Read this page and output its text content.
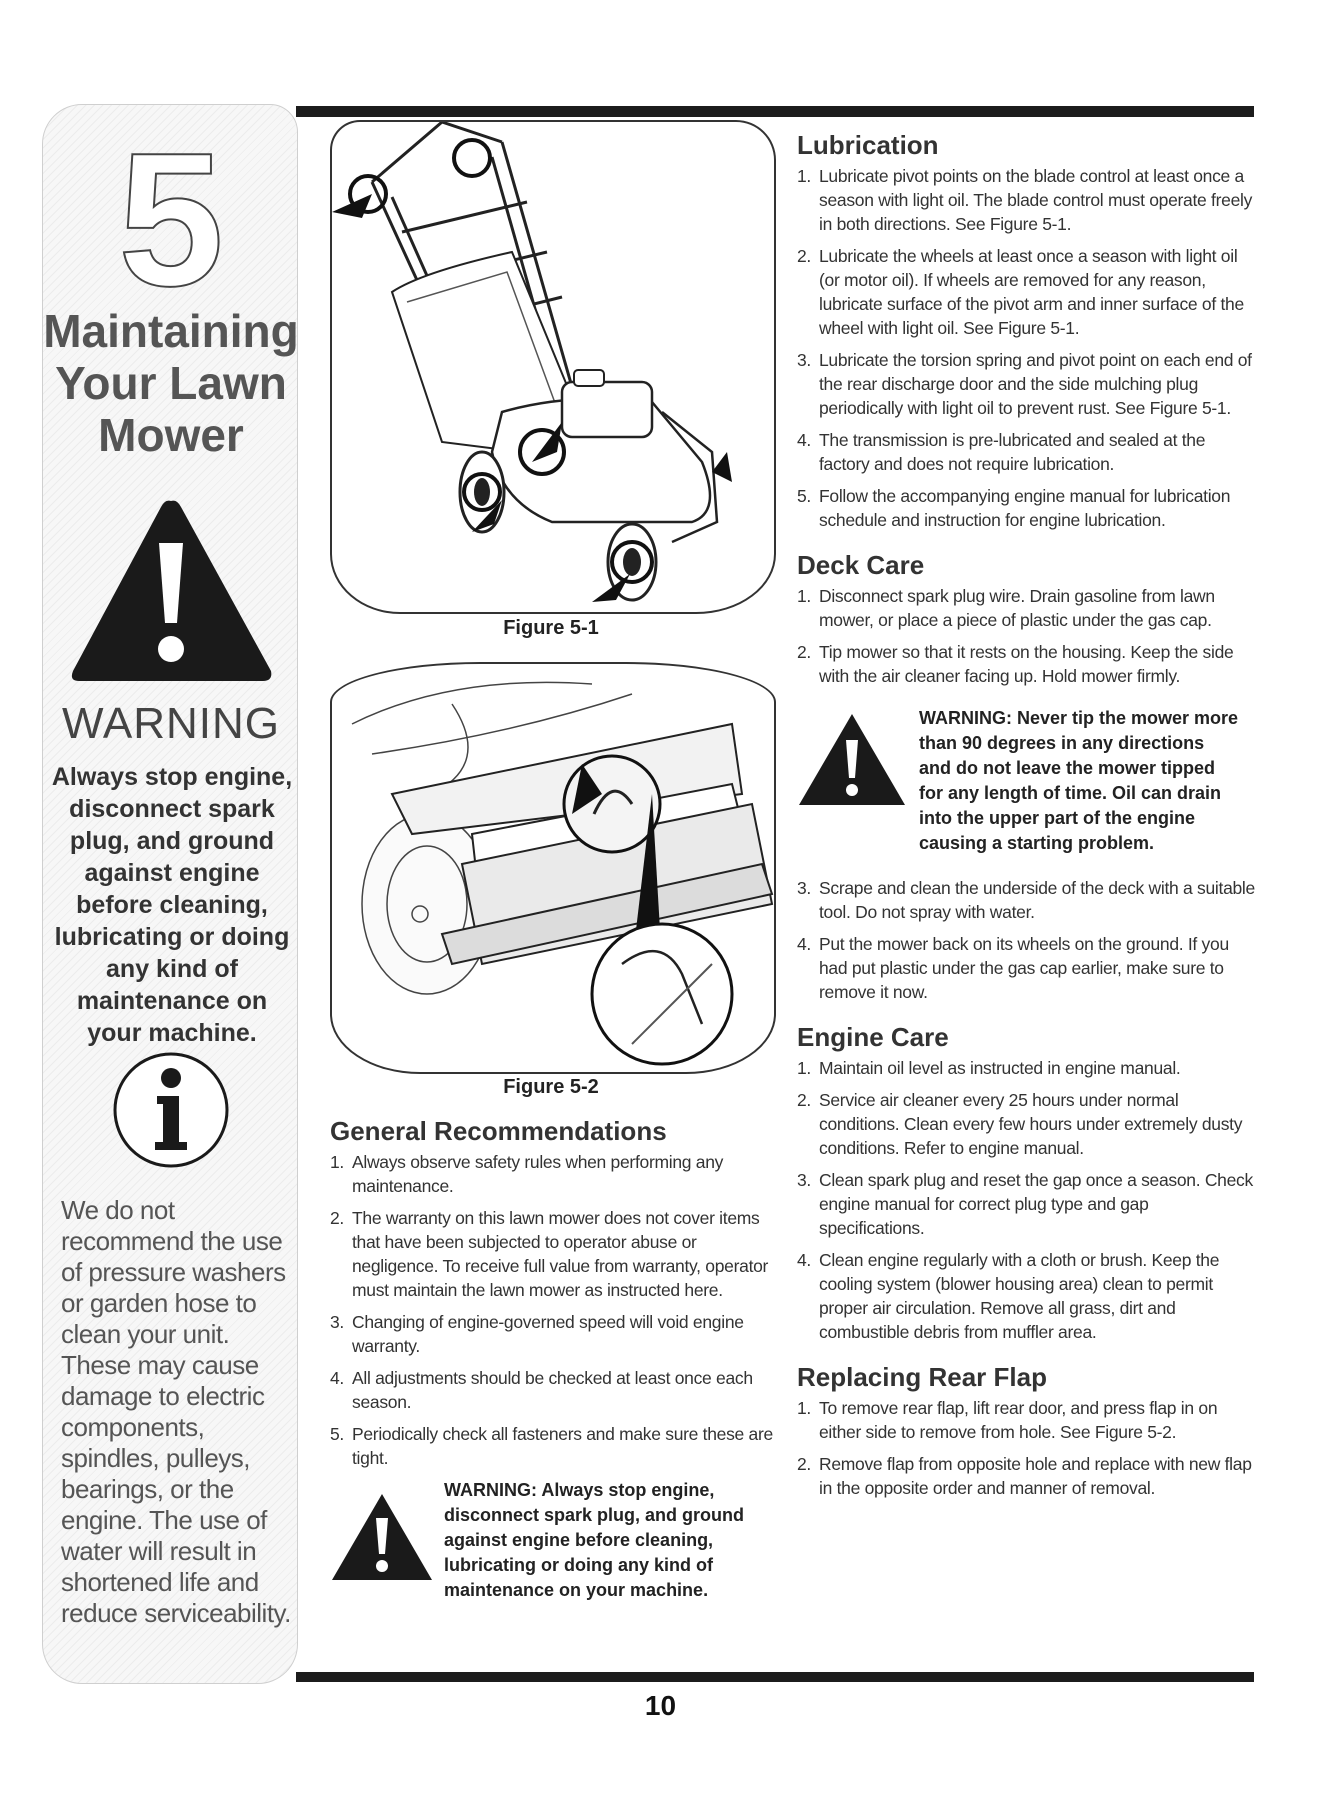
5
Maintaining
Your Lawn
Mower
WARNING
Always stop engine, disconnect spark plug, and ground against engine before cleaning, lubricating or doing any kind of maintenance on your machine.
We do not recommend the use of pressure washers or garden hose to clean your unit. These may cause damage to electric components, spindles, pulleys, bearings, or the engine. The use of water will result in shortened life and reduce serviceability.
Figure 5-1
Figure 5-2
General Recommendations
1. Always observe safety rules when performing any maintenance.
2. The warranty on this lawn mower does not cover items that have been subjected to operator abuse or negligence. To receive full value from warranty, operator must maintain the lawn mower as instructed here.
3. Changing of engine-governed speed will void engine warranty.
4. All adjustments should be checked at least once each season.
5. Periodically check all fasteners and make sure these are tight.
WARNING: Always stop engine, disconnect spark plug, and ground against engine before cleaning, lubricating or doing any kind of maintenance on your machine.
Lubrication
1. Lubricate pivot points on the blade control at least once a season with light oil. The blade control must operate freely in both directions. See Figure 5-1.
2. Lubricate the wheels at least once a season with light oil (or motor oil). If wheels are removed for any reason, lubricate surface of the pivot arm and inner surface of the wheel with light oil. See Figure 5-1.
3. Lubricate the torsion spring and pivot point on each end of the rear discharge door and the side mulching plug periodically with light oil to prevent rust. See Figure 5-1.
4. The transmission is pre-lubricated and sealed at the factory and does not require lubrication.
5. Follow the accompanying engine manual for lubrication schedule and instruction for engine lubrication.
Deck Care
1. Disconnect spark plug wire. Drain gasoline from lawn mower, or place a piece of plastic under the gas cap.
2. Tip mower so that it rests on the housing. Keep the side with the air cleaner facing up. Hold mower firmly.
WARNING: Never tip the mower more than 90 degrees in any directions and do not leave the mower tipped for any length of time. Oil can drain into the upper part of the engine causing a starting problem.
3. Scrape and clean the underside of the deck with a suitable tool. Do not spray with water.
4. Put the mower back on its wheels on the ground. If you had put plastic under the gas cap earlier, make sure to remove it now.
Engine Care
1. Maintain oil level as instructed in engine manual.
2. Service air cleaner every 25 hours under normal conditions. Clean every few hours under extremely dusty conditions. Refer to engine manual.
3. Clean spark plug and reset the gap once a season. Check engine manual for correct plug type and gap specifications.
4. Clean engine regularly with a cloth or brush. Keep the cooling system (blower housing area) clean to permit proper air circulation. Remove all grass, dirt and combustible debris from muffler area.
Replacing Rear Flap
1. To remove rear flap, lift rear door, and press flap in on either side to remove from hole. See Figure 5-2.
2. Remove flap from opposite hole and replace with new flap in the opposite order and manner of removal.
10
